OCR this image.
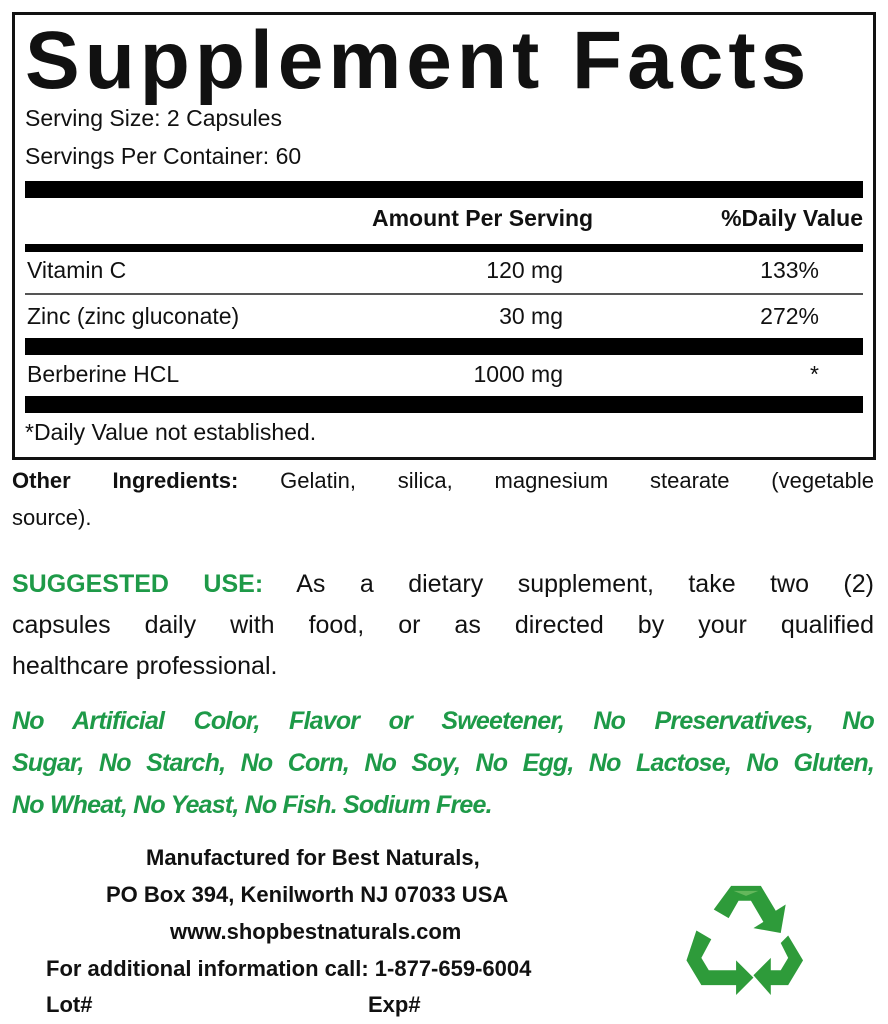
Supplement Facts
Serving Size: 2 Capsules
Servings Per Container: 60
Amount Per Serving	%Daily Value
Vitamin C	120 mg	133%
Zinc (zinc gluconate)	30 mg	272%
Berberine HCL	1000 mg	*
*Daily Value not established.
Other Ingredients: Gelatin, silica, magnesium stearate (vegetable
source).
SUGGESTED USE: As a dietary supplement, take two (2)
capsules daily with food, or as directed by your qualified
healthcare professional.
No Artificial Color, Flavor or Sweetener, No Preservatives, No
Sugar, No Starch, No Corn, No Soy, No Egg, No Lactose, No Gluten,
No Wheat, No Yeast, No Fish. Sodium Free.
Manufactured for Best Naturals,
PO Box 394, Kenilworth NJ 07033 USA
www.shopbestnaturals.com
For additional information call: 1-877-659-6004
Lot#	Exp#
